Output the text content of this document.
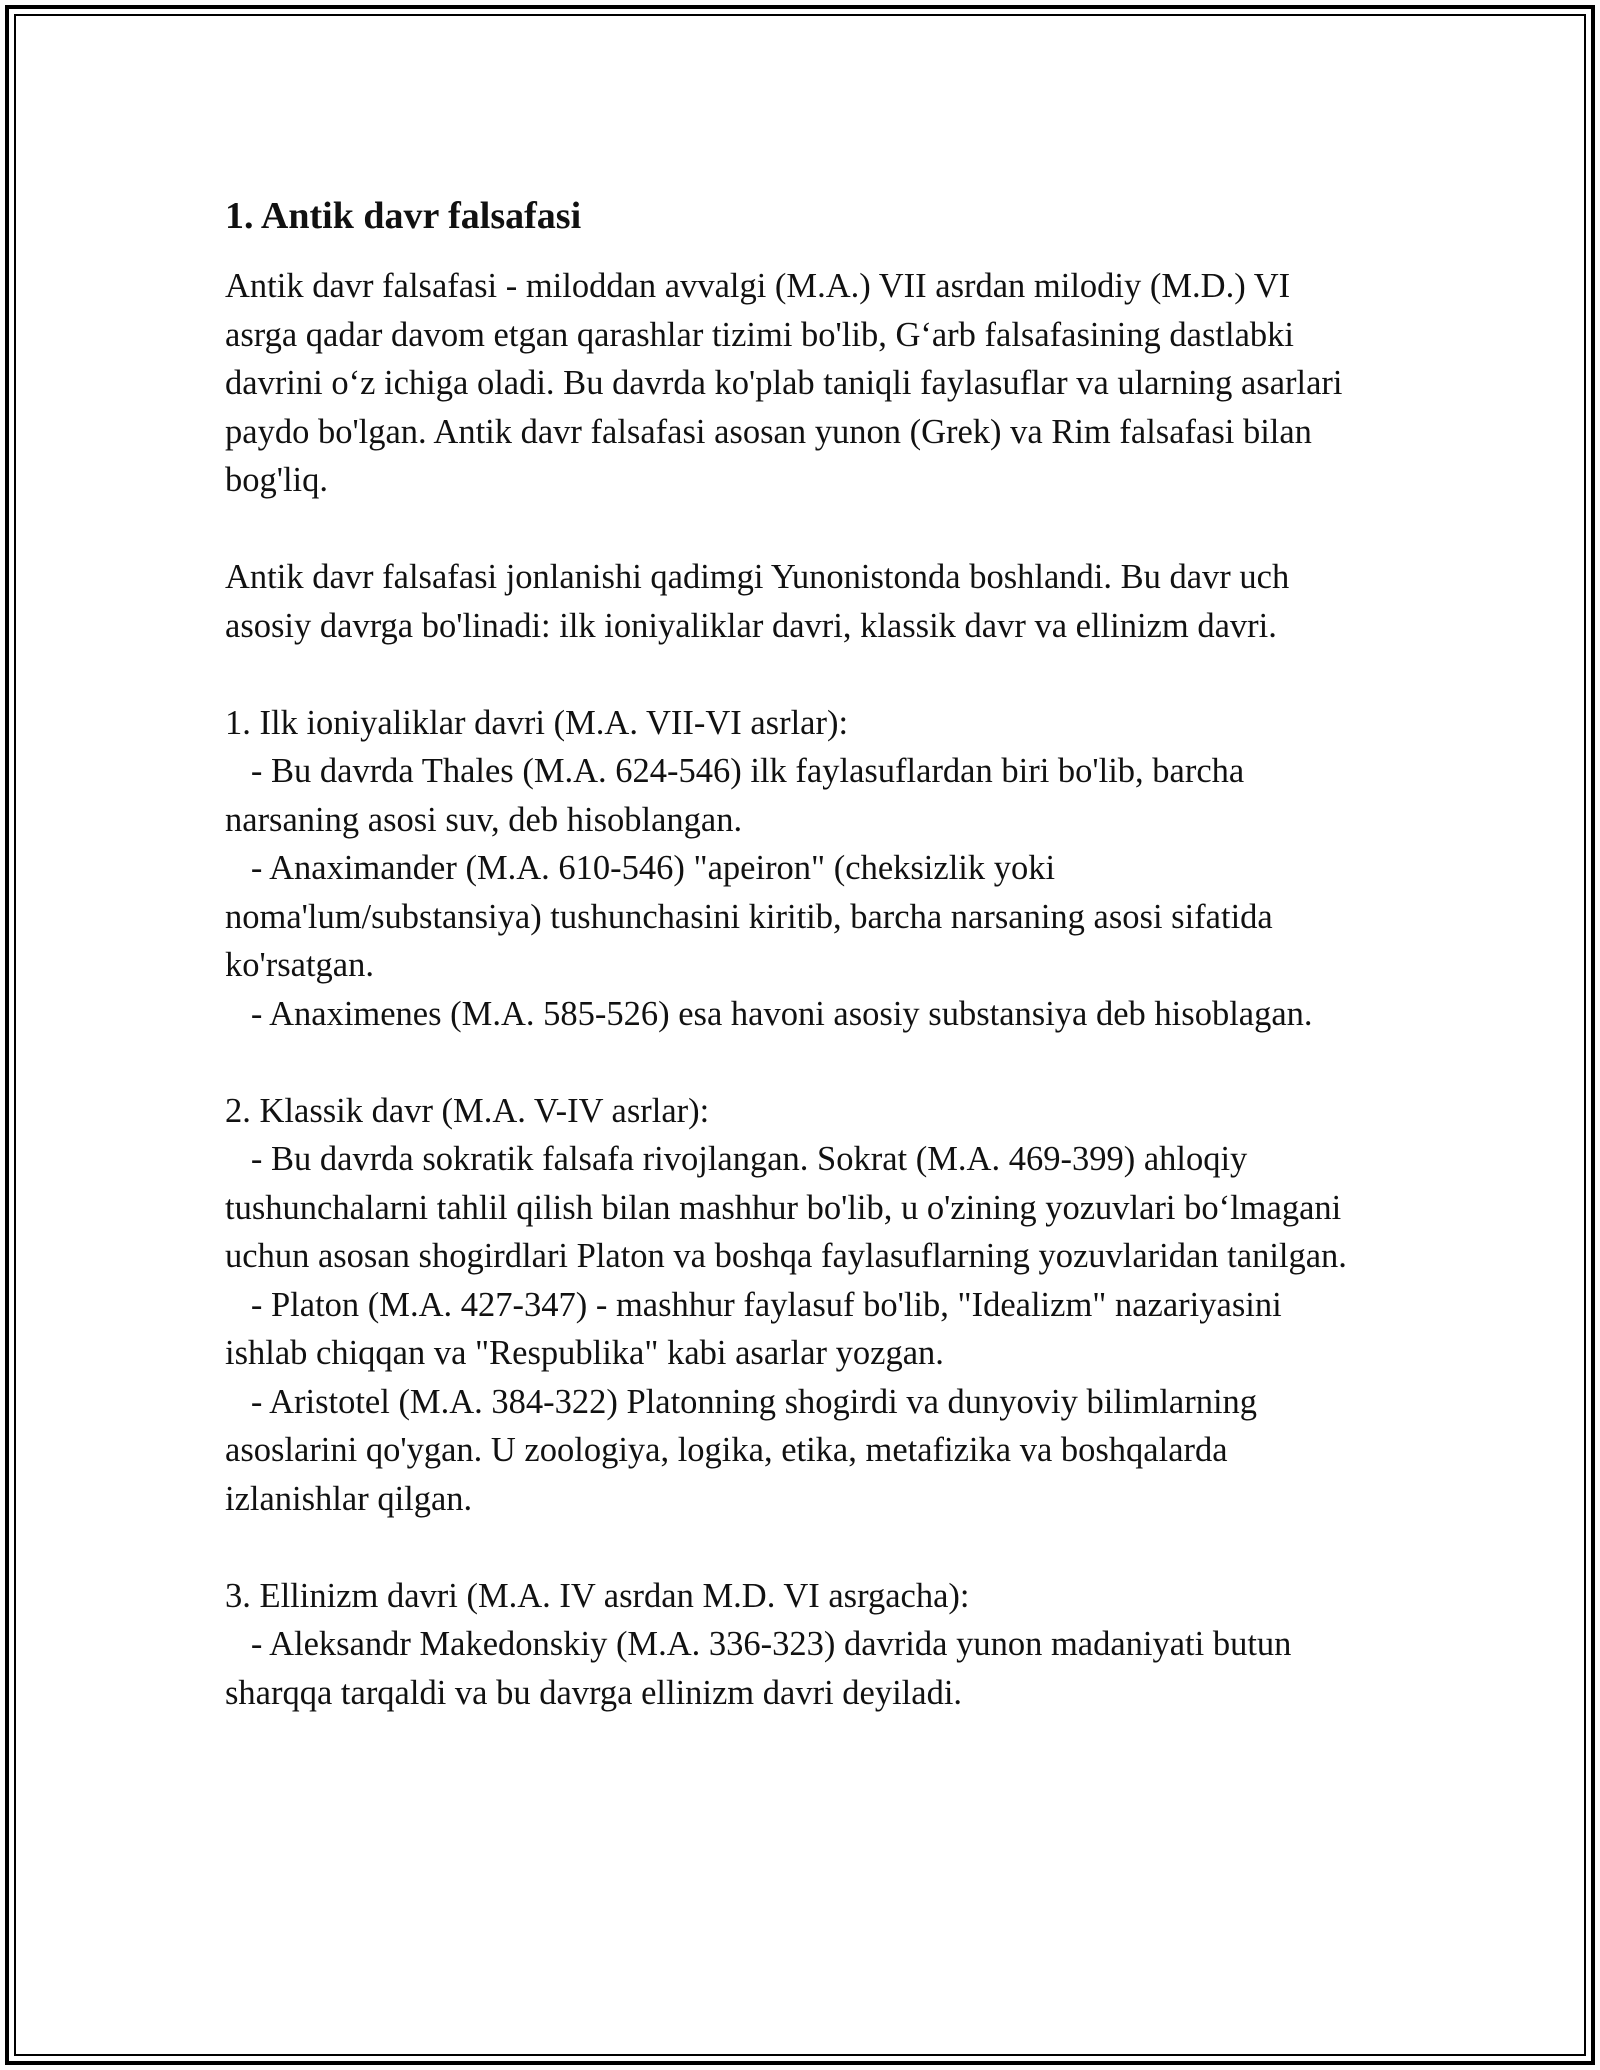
1. Antik davr falsafasi

Antik davr falsafasi - miloddan avvalgi (M.A.) VII asrdan milodiy (M.D.) VI asrga qadar davom etgan qarashlar tizimi bo'lib, G‘arb falsafasining dastlabki davrini o‘z ichiga oladi. Bu davrda ko'plab taniqli faylasuflar va ularning asarlari paydo bo'lgan. Antik davr falsafasi asosan yunon (Grek) va Rim falsafasi bilan bog'liq.

Antik davr falsafasi jonlanishi qadimgi Yunonistonda boshlandi. Bu davr uch asosiy davrga bo'linadi: ilk ioniyaliklar davri, klassik davr va ellinizm davri.

1. Ilk ioniyaliklar davri (M.A. VII-VI asrlar):

- Bu davrda Thales (M.A. 624-546) ilk faylasuflardan biri bo'lib, barcha narsaning asosi suv, deb hisoblangan.

- Anaximander (M.A. 610-546) "apeiron" (cheksizlik yoki noma'lum/substansiya) tushunchasini kiritib, barcha narsaning asosi sifatida ko'rsatgan.

- Anaximenes (M.A. 585-526) esa havoni asosiy substansiya deb hisoblagan.

2. Klassik davr (M.A. V-IV asrlar):

- Bu davrda sokratik falsafa rivojlangan. Sokrat (M.A. 469-399) ahloqiy tushunchalarni tahlil qilish bilan mashhur bo'lib, u o'zining yozuvlari bo‘lmagani uchun asosan shogirdlari Platon va boshqa faylasuflarning yozuvlaridan tanilgan.

- Platon (M.A. 427-347) - mashhur faylasuf bo'lib, "Idealizm" nazariyasini ishlab chiqqan va "Respublika" kabi asarlar yozgan.

- Aristotel (M.A. 384-322) Platonning shogirdi va dunyoviy bilimlarning asoslarini qo'ygan. U zoologiya, logika, etika, metafizika va boshqalarda izlanishlar qilgan.

3. Ellinizm davri (M.A. IV asrdan M.D. VI asrgacha):

- Aleksandr Makedonskiy (M.A. 336-323) davrida yunon madaniyati butun sharqqa tarqaldi va bu davrga ellinizm davri deyiladi.
